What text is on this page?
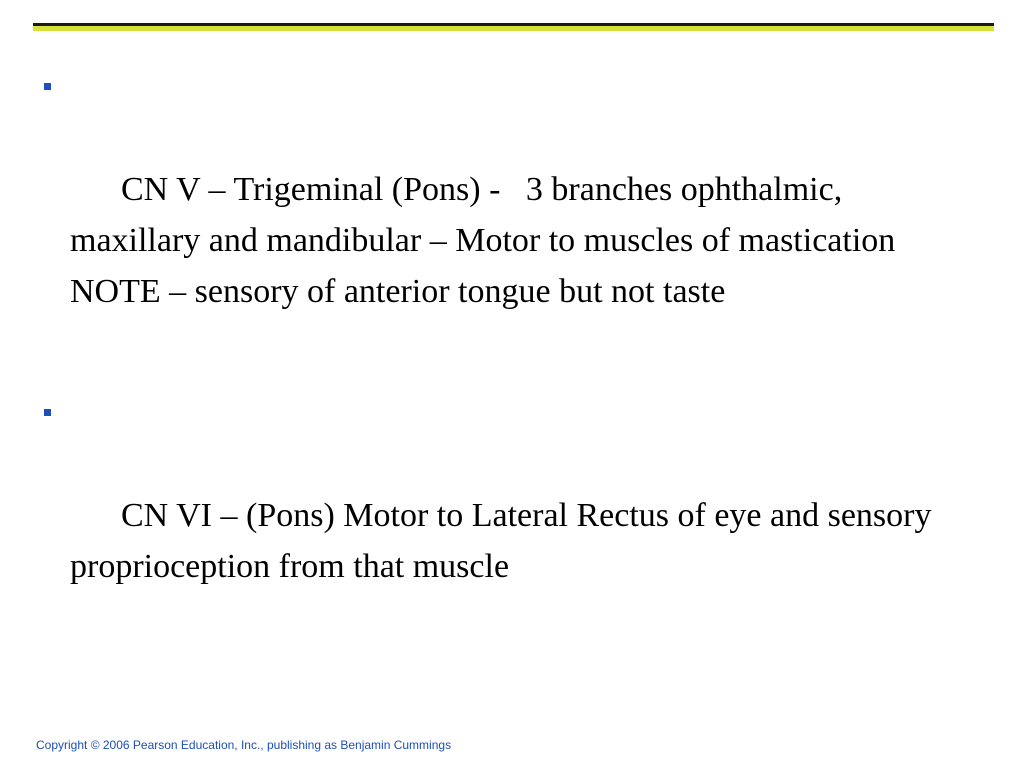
CN V – Trigeminal (Pons) -   3 branches ophthalmic, maxillary and mandibular – Motor to muscles of mastication NOTE – sensory of anterior tongue but not taste

CN VI – (Pons) Motor to Lateral Rectus of eye and sensory proprioception from that muscle

Copyright © 2006 Pearson Education, Inc., publishing as Benjamin Cummings
